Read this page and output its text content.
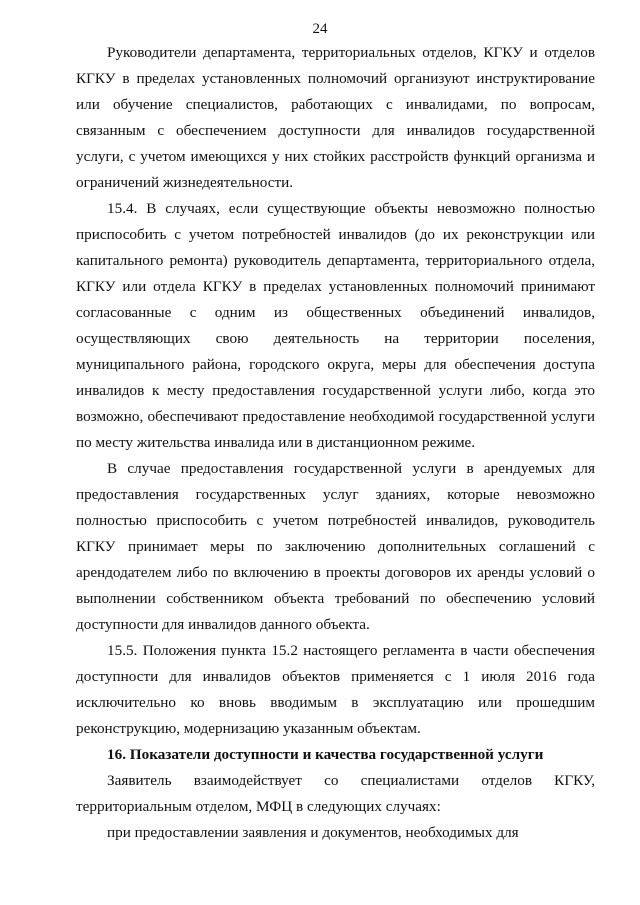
24

Руководители департамента, территориальных отделов, КГКУ и отделов КГКУ в пределах установленных полномочий организуют инструктирование или обучение специалистов, работающих с инвалидами, по вопросам, связанным с обеспечением доступности для инвалидов государственной услуги, с учетом имеющихся у них стойких расстройств функций организма и ограничений жизнедеятельности.

15.4. В случаях, если существующие объекты невозможно полностью приспособить с учетом потребностей инвалидов (до их реконструкции или капитального ремонта) руководитель департамента, территориального отдела, КГКУ или отдела КГКУ в пределах установленных полномочий принимают согласованные с одним из общественных объединений инвалидов, осуществляющих свою деятельность на территории поселения, муниципального района, городского округа, меры для обеспечения доступа инвалидов к месту предоставления государственной услуги либо, когда это возможно, обеспечивают предоставление необходимой государственной услуги по месту жительства инвалида или в дистанционном режиме.

В случае предоставления государственной услуги в арендуемых для предоставления государственных услуг зданиях, которые невозможно полностью приспособить с учетом потребностей инвалидов, руководитель КГКУ принимает меры по заключению дополнительных соглашений с арендодателем либо по включению в проекты договоров их аренды условий о выполнении собственником объекта требований по обеспечению условий доступности для инвалидов данного объекта.

15.5. Положения пункта 15.2 настоящего регламента в части обеспечения доступности для инвалидов объектов применяется с 1 июля 2016 года исключительно ко вновь вводимым в эксплуатацию или прошедшим реконструкцию, модернизацию указанным объектам.

16. Показатели доступности и качества государственной услуги

Заявитель взаимодействует со специалистами отделов КГКУ, территориальным отделом, МФЦ в следующих случаях:

при предоставлении заявления и документов, необходимых для
